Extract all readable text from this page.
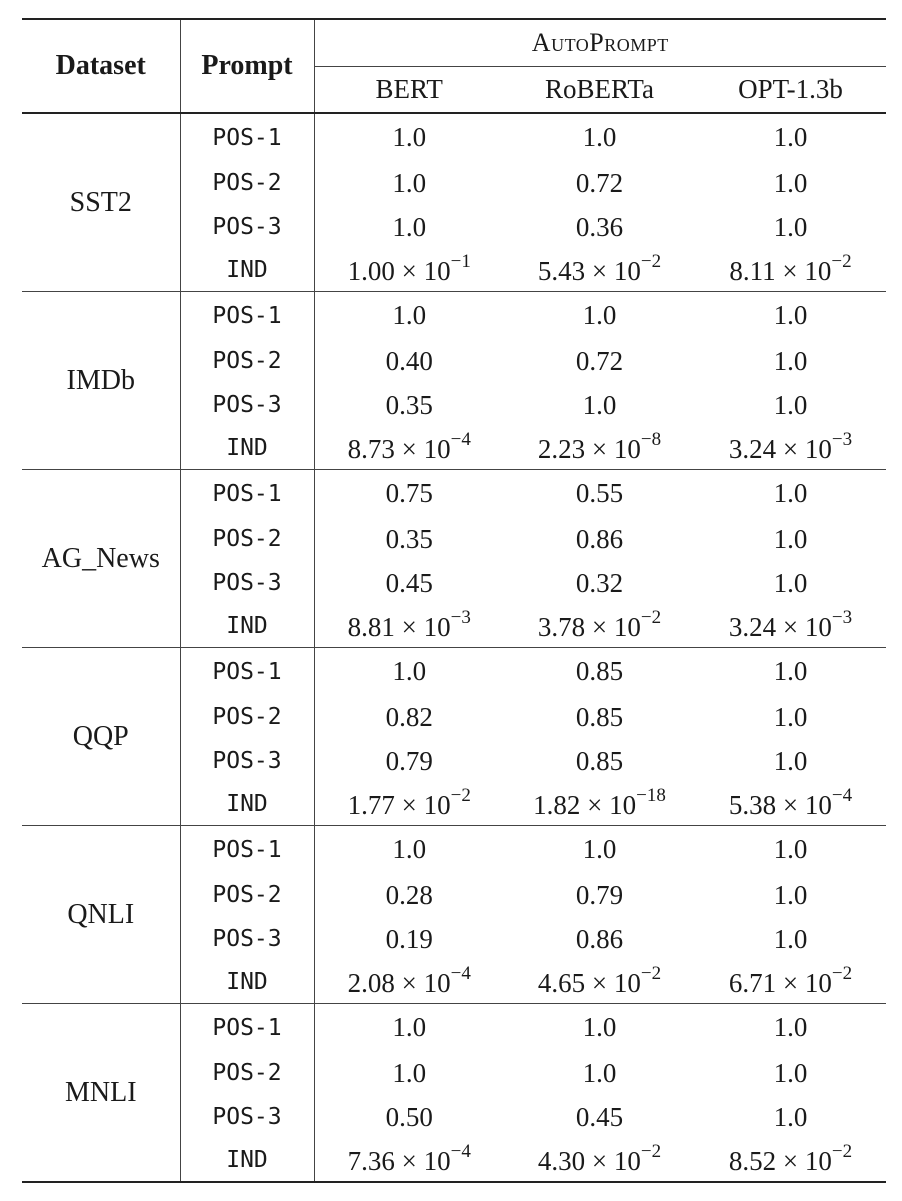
Dataset	Prompt	AutoPrompt		
		BERT	RoBERTa	OPT-1.3b
SST2	POS-1	1.0	1.0	1.0
	POS-2	1.0	0.72	1.0
	POS-3	1.0	0.36	1.0
	IND	$1.00 \times 10^{-1}$	$5.43 \times 10^{-2}$	$8.11 \times 10^{-2}$
IMDb	POS-1	1.0	1.0	1.0
	POS-2	0.40	0.72	1.0
	POS-3	0.35	1.0	1.0
	IND	$8.73 \times 10^{-4}$	$2.23 \times 10^{-8}$	$3.24 \times 10^{-3}$
AG_News	POS-1	0.75	0.55	1.0
	POS-2	0.35	0.86	1.0
	POS-3	0.45	0.32	1.0
	IND	$8.81 \times 10^{-3}$	$3.78 \times 10^{-2}$	$3.24 \times 10^{-3}$
QQP	POS-1	1.0	0.85	1.0
	POS-2	0.82	0.85	1.0
	POS-3	0.79	0.85	1.0
	IND	$1.77 \times 10^{-2}$	$1.82 \times 10^{-18}$	$5.38 \times 10^{-4}$
QNLI	POS-1	1.0	1.0	1.0
	POS-2	0.28	0.79	1.0
	POS-3	0.19	0.86	1.0
	IND	$2.08 \times 10^{-4}$	$4.65 \times 10^{-2}$	$6.71 \times 10^{-2}$
MNLI	POS-1	1.0	1.0	1.0
	POS-2	1.0	1.0	1.0
	POS-3	0.50	0.45	1.0
	IND	$7.36 \times 10^{-4}$	$4.30 \times 10^{-2}$	$8.52 \times 10^{-2}$
